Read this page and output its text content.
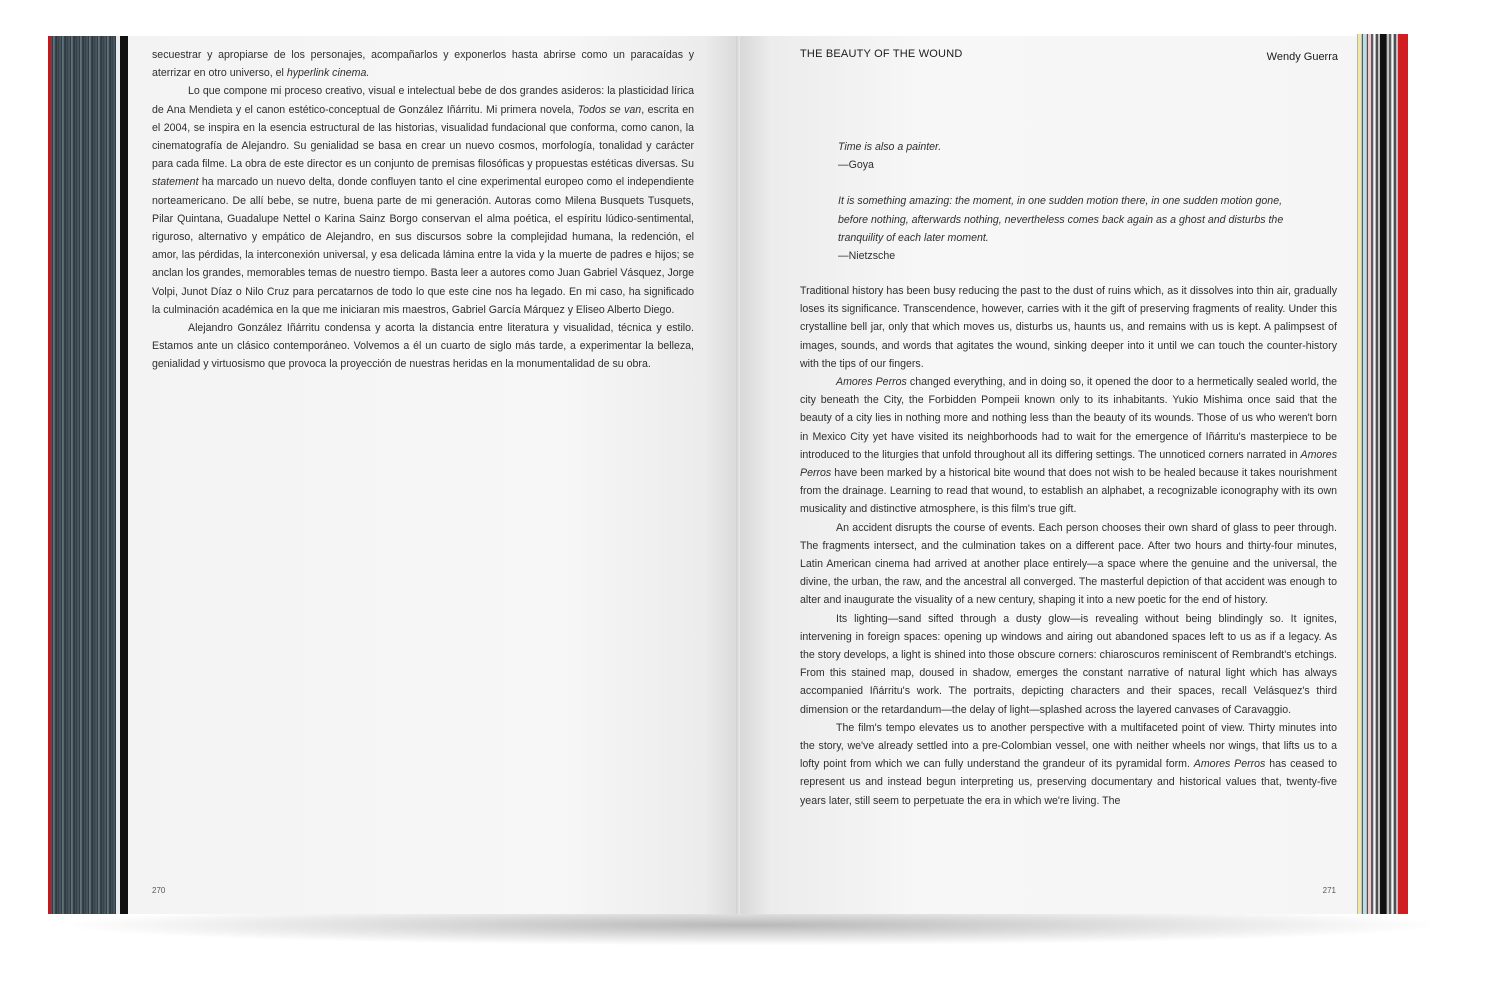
secuestrar y apropiarse de los personajes, acompañarlos y exponerlos hasta abrirse como un paracaídas y aterrizar en otro universo, el hyperlink cinema.

Lo que compone mi proceso creativo, visual e intelectual bebe de dos grandes asideros: la plasticidad lírica de Ana Mendieta y el canon estético-conceptual de González Iñárritu. Mi primera novela, Todos se van, escrita en el 2004, se inspira en la esencia estructural de las historias, visualidad fundacional que conforma, como canon, la cinematografía de Alejandro. Su genialidad se basa en crear un nuevo cosmos, morfología, tonalidad y carácter para cada filme. La obra de este director es un conjunto de premisas filosóficas y propuestas estéticas diversas. Su statement ha marcado un nuevo delta, donde confluyen tanto el cine experimental europeo como el independiente norteamericano. De allí bebe, se nutre, buena parte de mi generación. Autoras como Milena Busquets Tusquets, Pilar Quintana, Guadalupe Nettel o Karina Sainz Borgo conservan el alma poética, el espíritu lúdico-sentimental, riguroso, alternativo y empático de Alejandro, en sus discursos sobre la complejidad humana, la redención, el amor, las pérdidas, la interconexión universal, y esa delicada lámina entre la vida y la muerte de padres e hijos; se anclan los grandes, memorables temas de nuestro tiempo. Basta leer a autores como Juan Gabriel Vásquez, Jorge Volpi, Junot Díaz o Nilo Cruz para percatarnos de todo lo que este cine nos ha legado. En mi caso, ha significado la culminación académica en la que me iniciaran mis maestros, Gabriel García Márquez y Eliseo Alberto Diego.

Alejandro González Iñárritu condensa y acorta la distancia entre literatura y visualidad, técnica y estilo. Estamos ante un clásico contemporáneo. Volvemos a él un cuarto de siglo más tarde, a experimentar la belleza, genialidad y virtuosismo que provoca la proyección de nuestras heridas en la monumentalidad de su obra.

270
THE BEAUTY OF THE WOUND	Wendy Guerra

Time is also a painter.

—Goya

It is something amazing: the moment, in one sudden motion there, in one sudden motion gone, before nothing, afterwards nothing, nevertheless comes back again as a ghost and disturbs the tranquility of each later moment.

—Nietzsche

Traditional history has been busy reducing the past to the dust of ruins which, as it dissolves into thin air, gradually loses its significance. Transcendence, however, carries with it the gift of preserving fragments of reality. Under this crystalline bell jar, only that which moves us, disturbs us, haunts us, and remains with us is kept. A palimpsest of images, sounds, and words that agitates the wound, sinking deeper into it until we can touch the counter-history with the tips of our fingers.

Amores Perros changed everything, and in doing so, it opened the door to a hermetically sealed world, the city beneath the City, the Forbidden Pompeii known only to its inhabitants. Yukio Mishima once said that the beauty of a city lies in nothing more and nothing less than the beauty of its wounds. Those of us who weren't born in Mexico City yet have visited its neighborhoods had to wait for the emergence of Iñárritu's masterpiece to be introduced to the liturgies that unfold throughout all its differing settings. The unnoticed corners narrated in Amores Perros have been marked by a historical bite wound that does not wish to be healed because it takes nourishment from the drainage. Learning to read that wound, to establish an alphabet, a recognizable iconography with its own musicality and distinctive atmosphere, is this film's true gift.

An accident disrupts the course of events. Each person chooses their own shard of glass to peer through. The fragments intersect, and the culmination takes on a different pace. After two hours and thirty-four minutes, Latin American cinema had arrived at another place entirely—a space where the genuine and the universal, the divine, the urban, the raw, and the ancestral all converged. The masterful depiction of that accident was enough to alter and inaugurate the visuality of a new century, shaping it into a new poetic for the end of history.

Its lighting—sand sifted through a dusty glow—is revealing without being blindingly so. It ignites, intervening in foreign spaces: opening up windows and airing out abandoned spaces left to us as if a legacy. As the story develops, a light is shined into those obscure corners: chiaroscuros reminiscent of Rembrandt's etchings. From this stained map, doused in shadow, emerges the constant narrative of natural light which has always accompanied Iñárritu's work. The portraits, depicting characters and their spaces, recall Velásquez's third dimension or the retardandum—the delay of light—splashed across the layered canvases of Caravaggio.

The film's tempo elevates us to another perspective with a multifaceted point of view. Thirty minutes into the story, we've already settled into a pre-Colombian vessel, one with neither wheels nor wings, that lifts us to a lofty point from which we can fully understand the grandeur of its pyramidal form. Amores Perros has ceased to represent us and instead begun interpreting us, preserving documentary and historical values that, twenty-five years later, still seem to perpetuate the era in which we're living. The

271
